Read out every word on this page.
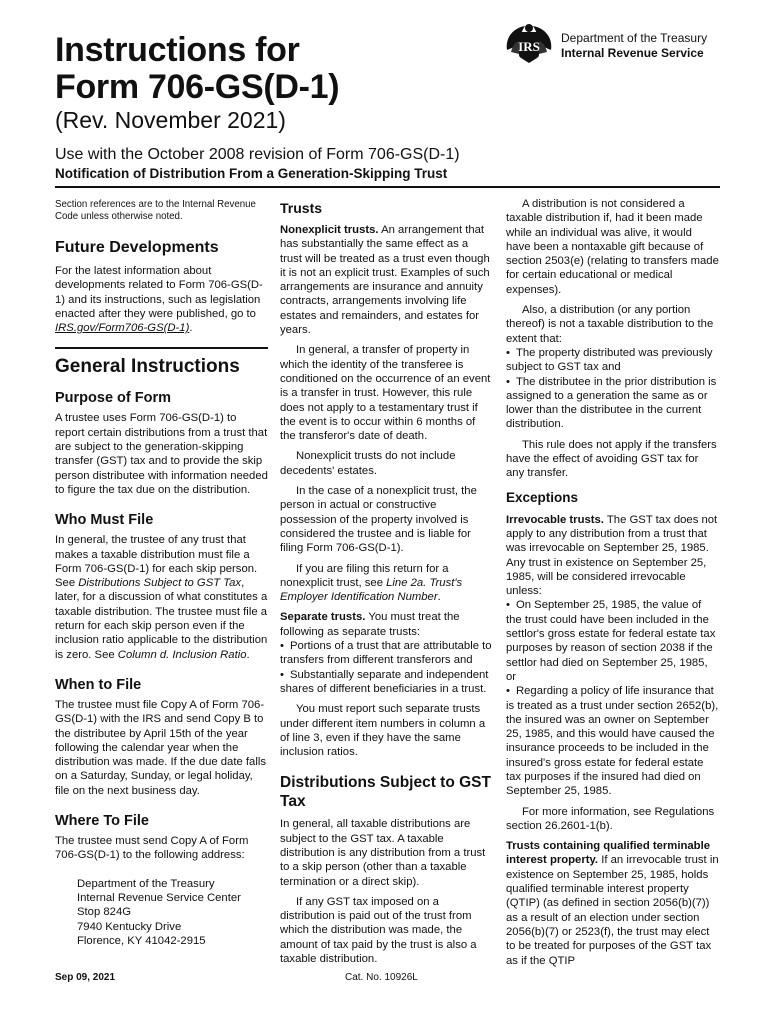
Instructions for
Form 706-GS(D-1)
(Rev. November 2021)
Use with the October 2008 revision of Form 706-GS(D-1)
Notification of Distribution From a Generation-Skipping Trust
IRS
Department of the Treasury
Internal Revenue Service

Section references are to the Internal Revenue Code unless otherwise noted.

Future Developments

For the latest information about developments related to Form 706-GS(D-1) and its instructions, such as legislation enacted after they were published, go to IRS.gov/Form706-GS(D-1).

General Instructions
Purpose of Form

A trustee uses Form 706-GS(D-1) to report certain distributions from a trust that are subject to the generation-skipping transfer (GST) tax and to provide the skip person distributee with information needed to figure the tax due on the distribution.

Who Must File

In general, the trustee of any trust that makes a taxable distribution must file a Form 706-GS(D-1) for each skip person. See Distributions Subject to GST Tax, later, for a discussion of what constitutes a taxable distribution. The trustee must file a return for each skip person even if the inclusion ratio applicable to the distribution is zero. See Column d. Inclusion Ratio.

When to File

The trustee must file Copy A of Form 706-GS(D-1) with the IRS and send Copy B to the distributee by April 15th of the year following the calendar year when the distribution was made. If the due date falls on a Saturday, Sunday, or legal holiday, file on the next business day.

Where To File

The trustee must send Copy A of Form 706-GS(D-1) to the following address:

Department of the Treasury
Internal Revenue Service Center
Stop 824G
7940 Kentucky Drive
Florence, KY 41042-2915
Trusts

Nonexplicit trusts. An arrangement that has substantially the same effect as a trust will be treated as a trust even though it is not an explicit trust. Examples of such arrangements are insurance and annuity contracts, arrangements involving life estates and remainders, and estates for years.

In general, a transfer of property in which the identity of the transferee is conditioned on the occurrence of an event is a transfer in trust. However, this rule does not apply to a testamentary trust if the event is to occur within 6 months of the transferor's date of death.

Nonexplicit trusts do not include decedents' estates.

In the case of a nonexplicit trust, the person in actual or constructive possession of the property involved is considered the trustee and is liable for filing Form 706-GS(D-1).

If you are filing this return for a nonexplicit trust, see Line 2a. Trust's Employer Identification Number.

Separate trusts. You must treat the following as separate trusts:

• Portions of a trust that are attributable to transfers from different transferors and
• Substantially separate and independent shares of different beneficiaries in a trust.

You must report such separate trusts under different item numbers in column a of line 3, even if they have the same inclusion ratios.

Distributions Subject to GST Tax

In general, all taxable distributions are subject to the GST tax. A taxable distribution is any distribution from a trust to a skip person (other than a taxable termination or a direct skip).

If any GST tax imposed on a distribution is paid out of the trust from which the distribution was made, the amount of tax paid by the trust is also a taxable distribution.

A distribution is not considered a taxable distribution if, had it been made while an individual was alive, it would have been a nontaxable gift because of section 2503(e) (relating to transfers made for certain educational or medical expenses).

Also, a distribution (or any portion thereof) is not a taxable distribution to the extent that:

• The property distributed was previously subject to GST tax and
• The distributee in the prior distribution is assigned to a generation the same as or lower than the distributee in the current distribution.

This rule does not apply if the transfers have the effect of avoiding GST tax for any transfer.

Exceptions

Irrevocable trusts. The GST tax does not apply to any distribution from a trust that was irrevocable on September 25, 1985. Any trust in existence on September 25, 1985, will be considered irrevocable unless:

• On September 25, 1985, the value of the trust could have been included in the settlor's gross estate for federal estate tax purposes by reason of section 2038 if the settlor had died on September 25, 1985, or
• Regarding a policy of life insurance that is treated as a trust under section 2652(b), the insured was an owner on September 25, 1985, and this would have caused the insurance proceeds to be included in the insured's gross estate for federal estate tax purposes if the insured had died on September 25, 1985.

For more information, see Regulations section 26.2601-1(b).

Trusts containing qualified terminable interest property. If an irrevocable trust in existence on September 25, 1985, holds qualified terminable interest property (QTIP) (as defined in section 2056(b)(7)) as a result of an election under section 2056(b)(7) or 2523(f), the trust may elect to be treated for purposes of the GST tax as if the QTIP

Sep 09, 2021	Cat. No. 10926L
